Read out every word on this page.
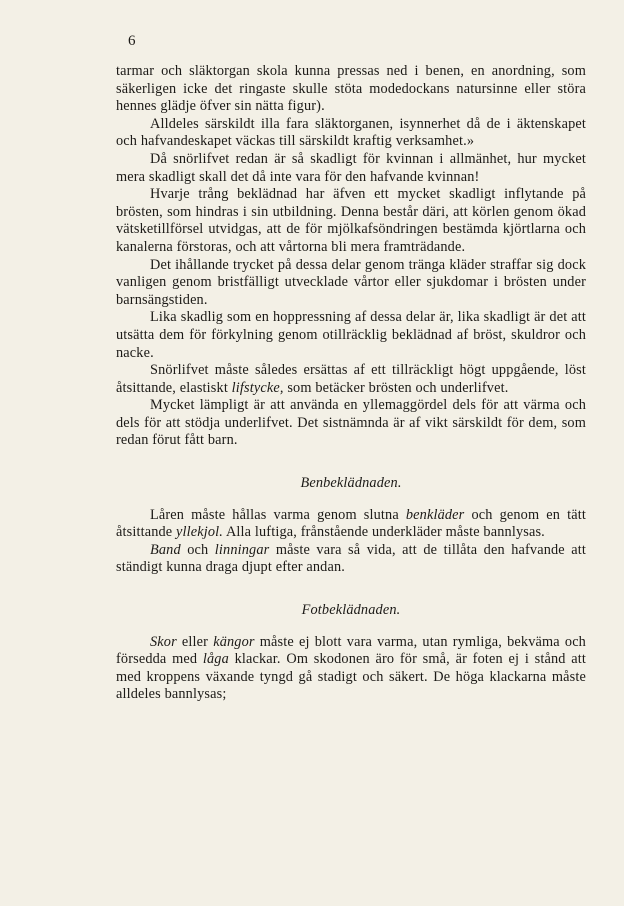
6

tarmar och släktorgan skola kunna pressas ned i benen, en anordning, som säkerligen icke det ringaste skulle stöta modedockans natursinne eller störa hennes glädje öfver sin nätta figur).

Alldeles särskildt illa fara släktorganen, isynnerhet då de i äktenskapet och hafvandeskapet väckas till särskildt kraftig verksamhet.»

Då snörlifvet redan är så skadligt för kvinnan i allmänhet, hur mycket mera skadligt skall det då inte vara för den hafvande kvinnan!

Hvarje trång beklädnad har äfven ett mycket skadligt inflytande på brösten, som hindras i sin utbildning. Denna består däri, att körlen genom ökad vätsketillförsel utvidgas, att de för mjölkafsöndringen bestämda kjörtlarna och kanalerna förstoras, och att vårtorna bli mera framträdande.

Det ihållande trycket på dessa delar genom tränga kläder straffar sig dock vanligen genom bristfälligt utvecklade vårtor eller sjukdomar i brösten under barnsängstiden.

Lika skadlig som en hoppressning af dessa delar är, lika skadligt är det att utsätta dem för förkylning genom otillräcklig beklädnad af bröst, skuldror och nacke.

Snörlifvet måste således ersättas af ett tillräckligt högt uppgående, löst åtsittande, elastiskt lifstycke, som betäcker brösten och underlifvet.

Mycket lämpligt är att använda en yllemaggördel dels för att värma och dels för att stödja underlifvet. Det sistnämnda är af vikt särskildt för dem, som redan förut fått barn.

Benbeklädnaden.

Låren måste hållas varma genom slutna benkläder och genom en tätt åtsittande yllekjol. Alla luftiga, frånstående underkläder måste bannlysas.

Band och linningar måste vara så vida, att de tillåta den hafvande att ständigt kunna draga djupt efter andan.

Fotbeklädnaden.

Skor eller kängor måste ej blott vara varma, utan rymliga, bekväma och försedda med låga klackar. Om skodonen äro för små, är foten ej i stånd att med kroppens växande tyngd gå stadigt och säkert. De höga klackarna måste alldeles bannlysas;
